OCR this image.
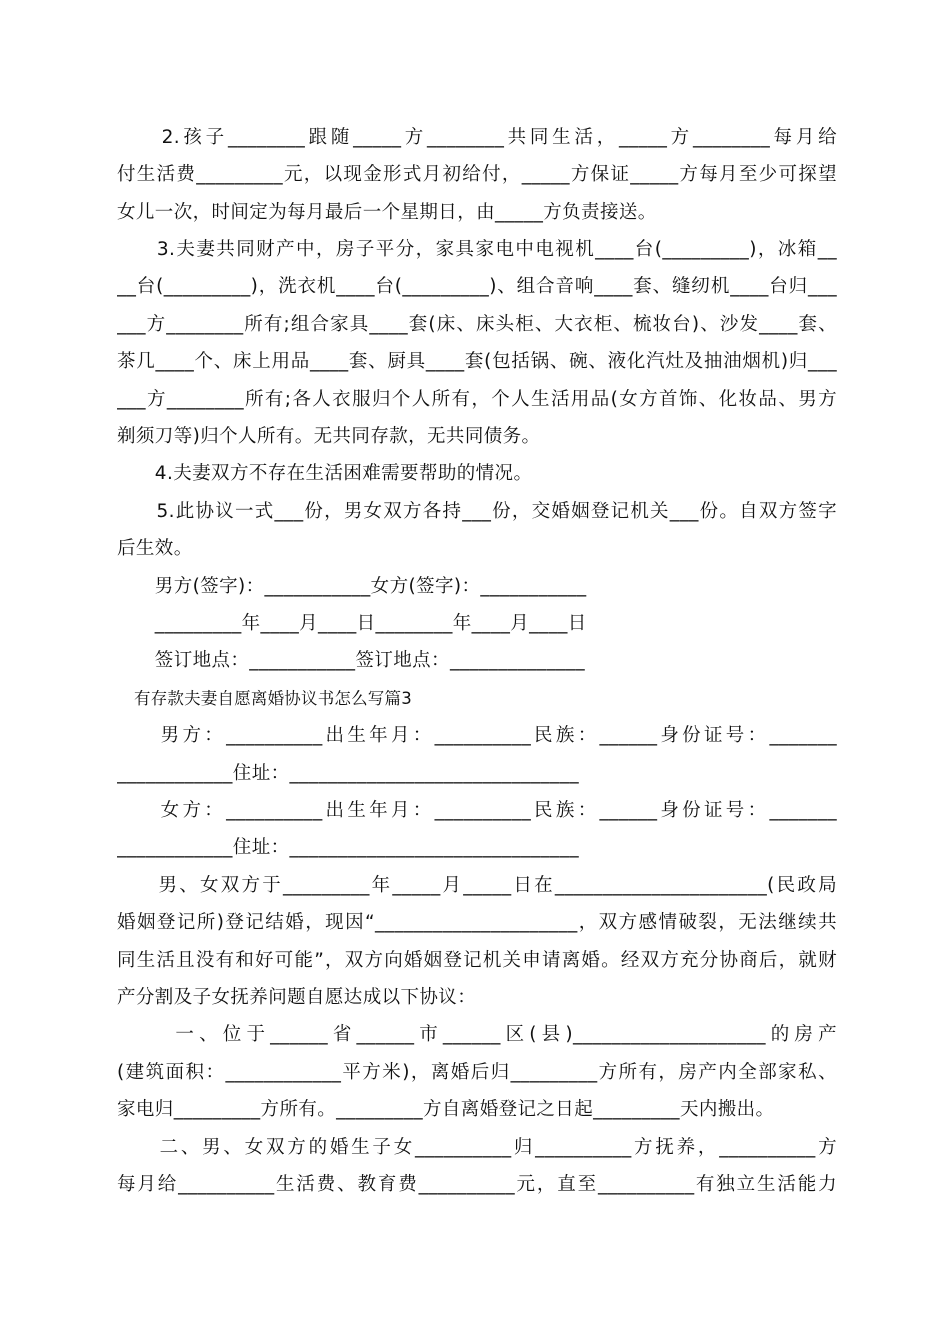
　　2.孩子________跟随_____方________共同生活，_____方________每月给
付生活费_________元，以现金形式月初给付，_____方保证_____方每月至少可探望
女儿一次，时间定为每月最后一个星期日，由_____方负责接送。
　　3.夫妻共同财产中，房子平分，家具家电中电视机____台(_________)，冰箱__
__台(_________)，洗衣机____台(_________)、组合音响____套、缝纫机____台归___
___方________所有;组合家具____套(床、床头柜、大衣柜、梳妆台)、沙发____套、
茶几____个、床上用品____套、厨具____套(包括锅、碗、液化汽灶及抽油烟机)归___
___方________所有;各人衣服归个人所有，个人生活用品(女方首饰、化妆品、男方
剃须刀等)归个人所有。无共同存款，无共同债务。
　　4.夫妻双方不存在生活困难需要帮助的情况。
　　5.此协议一式___份，男女双方各持___份，交婚姻登记机关___份。自双方签字
后生效。
　　男方(签字)：___________女方(签字)：___________
　　_________年____月____日________年____月____日
　　签订地点：___________签订地点：______________
有存款夫妻自愿离婚协议书怎么写篇3
　　男方：__________出生年月：__________民族：______身份证号：_______
____________住址：______________________________
　　女方：__________出生年月：__________民族：______身份证号：_______
____________住址：______________________________
　　男、女双方于_________年_____月_____日在______________________(民政局
婚姻登记所)登记结婚，现因“_____________________，双方感情破裂，无法继续共
同生活且没有和好可能”，双方向婚姻登记机关申请离婚。经双方充分协商后，就财
产分割及子女抚养问题自愿达成以下协议：
　　 一、位于______省______市______区(县)____________________的房产
(建筑面积：____________平方米)，离婚后归_________方所有，房产内全部家私、
家电归_________方所有。_________方自离婚登记之日起_________天内搬出。
　　二、男、女双方的婚生子女__________归__________方抚养，__________方
每月给__________生活费、教育费__________元，直至__________有独立生活能力
